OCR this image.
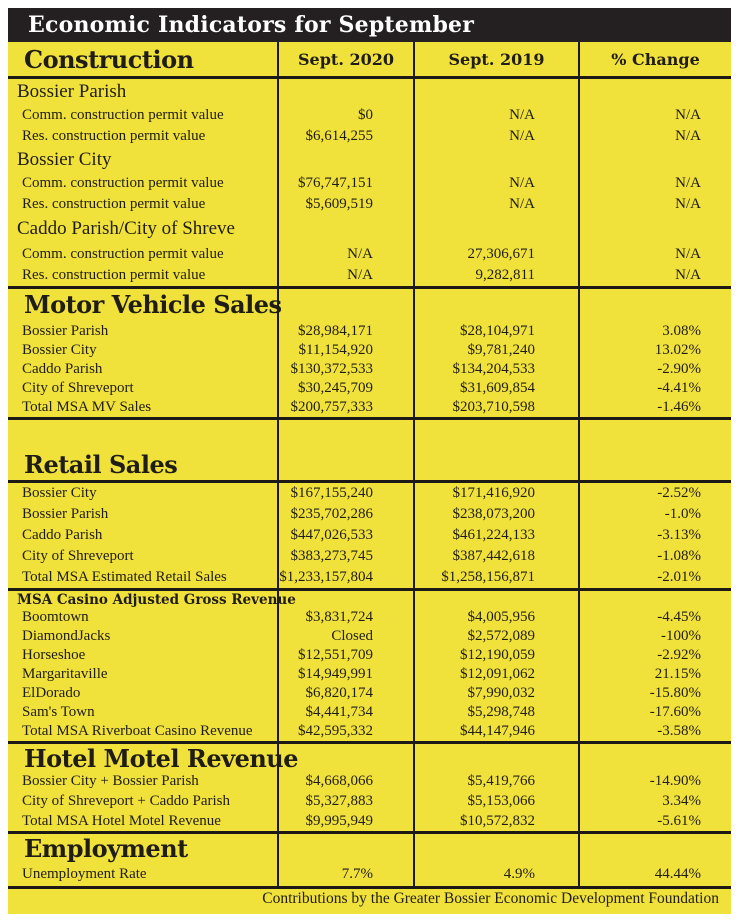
Economic Indicators for September
Construction	Sept. 2020	Sept. 2019	% Change
Bossier Parish
Comm. construction permit value	$0	N/A	N/A
Res. construction permit value	$6,614,255	N/A	N/A
Bossier City
Comm. construction permit value	$76,747,151	N/A	N/A
Res. construction permit value	$5,609,519	N/A	N/A
Caddo Parish/City of Shreve
Comm. construction permit value	N/A	27,306,671	N/A
Res. construction permit value	N/A	9,282,811	N/A
Motor Vehicle Sales
Bossier Parish	$28,984,171	$28,104,971	3.08%
Bossier City	$11,154,920	$9,781,240	13.02%
Caddo Parish	$130,372,533	$134,204,533	-2.90%
City of Shreveport	$30,245,709	$31,609,854	-4.41%
Total MSA MV Sales	$200,757,333	$203,710,598	-1.46%
Retail Sales
Bossier City	$167,155,240	$171,416,920	-2.52%
Bossier Parish	$235,702,286	$238,073,200	-1.0%
Caddo Parish	$447,026,533	$461,224,133	-3.13%
City of Shreveport	$383,273,745	$387,442,618	-1.08%
Total MSA Estimated Retail Sales	$1,233,157,804	$1,258,156,871	-2.01%
MSA Casino Adjusted Gross Revenue
Boomtown	$3,831,724	$4,005,956	-4.45%
DiamondJacks	Closed	$2,572,089	-100%
Horseshoe	$12,551,709	$12,190,059	-2.92%
Margaritaville	$14,949,991	$12,091,062	21.15%
ElDorado	$6,820,174	$7,990,032	-15.80%
Sam's Town	$4,441,734	$5,298,748	-17.60%
Total MSA Riverboat Casino Revenue	$42,595,332	$44,147,946	-3.58%
Hotel Motel Revenue
Bossier City + Bossier Parish	$4,668,066	$5,419,766	-14.90%
City of Shreveport + Caddo Parish	$5,327,883	$5,153,066	3.34%
Total MSA Hotel Motel Revenue	$9,995,949	$10,572,832	-5.61%
Employment
Unemployment Rate	7.7%	4.9%	44.44%
Contributions by the Greater Bossier Economic Development Foundation
